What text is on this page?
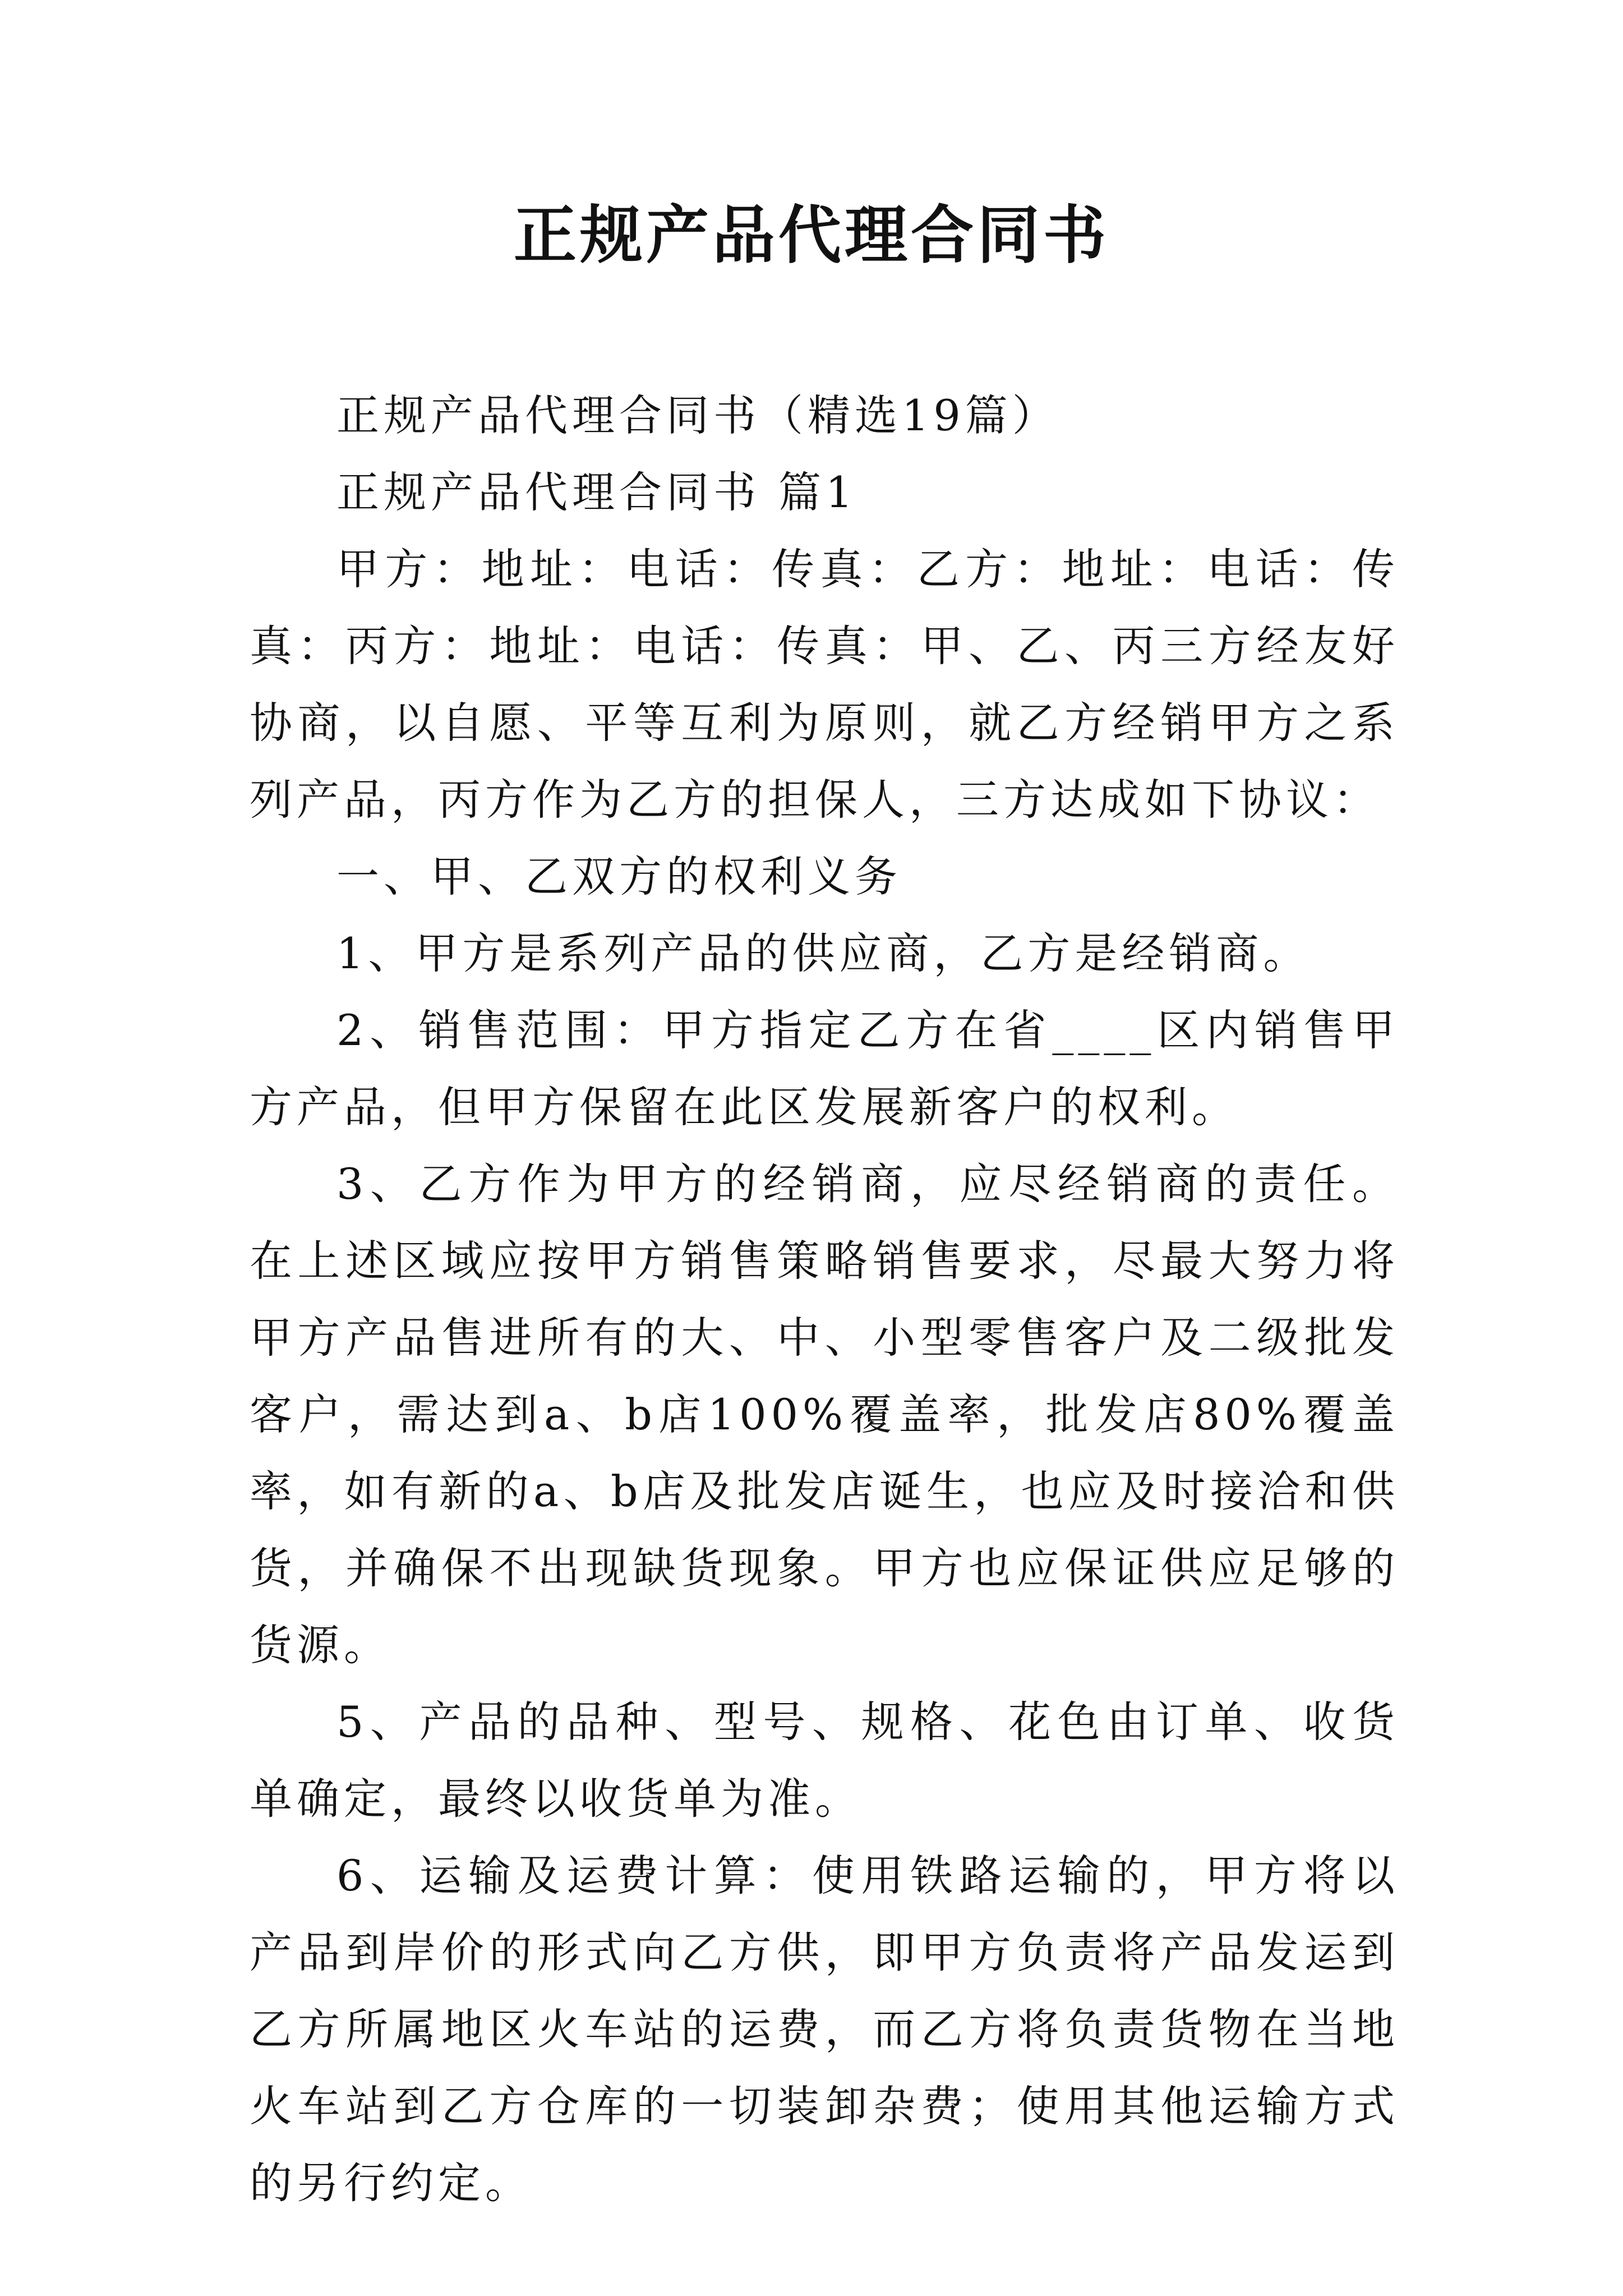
正规产品代理合同书

正规产品代理合同书（精选19篇）

正规产品代理合同书 篇1

甲方：地址：电话：传真：乙方：地址：电话：传真：丙方：地址：电话：传真：甲、乙、丙三方经友好协商，以自愿、平等互利为原则，就乙方经销甲方之系列产品，丙方作为乙方的担保人，三方达成如下协议：

一、甲、乙双方的权利义务

1、甲方是系列产品的供应商，乙方是经销商。

2、销售范围：甲方指定乙方在省____区内销售甲方产品，但甲方保留在此区发展新客户的权利。

3、乙方作为甲方的经销商，应尽经销商的责任。在上述区域应按甲方销售策略销售要求，尽最大努力将甲方产品售进所有的大、中、小型零售客户及二级批发客户，需达到a、b店100%覆盖率，批发店80%覆盖率，如有新的a、b店及批发店诞生，也应及时接洽和供货，并确保不出现缺货现象。甲方也应保证供应足够的货源。

5、产品的品种、型号、规格、花色由订单、收货单确定，最终以收货单为准。

6、运输及运费计算：使用铁路运输的，甲方将以产品到岸价的形式向乙方供，即甲方负责将产品发运到乙方所属地区火车站的运费，而乙方将负责货物在当地火车站到乙方仓库的一切装卸杂费；使用其他运输方式的另行约定。
